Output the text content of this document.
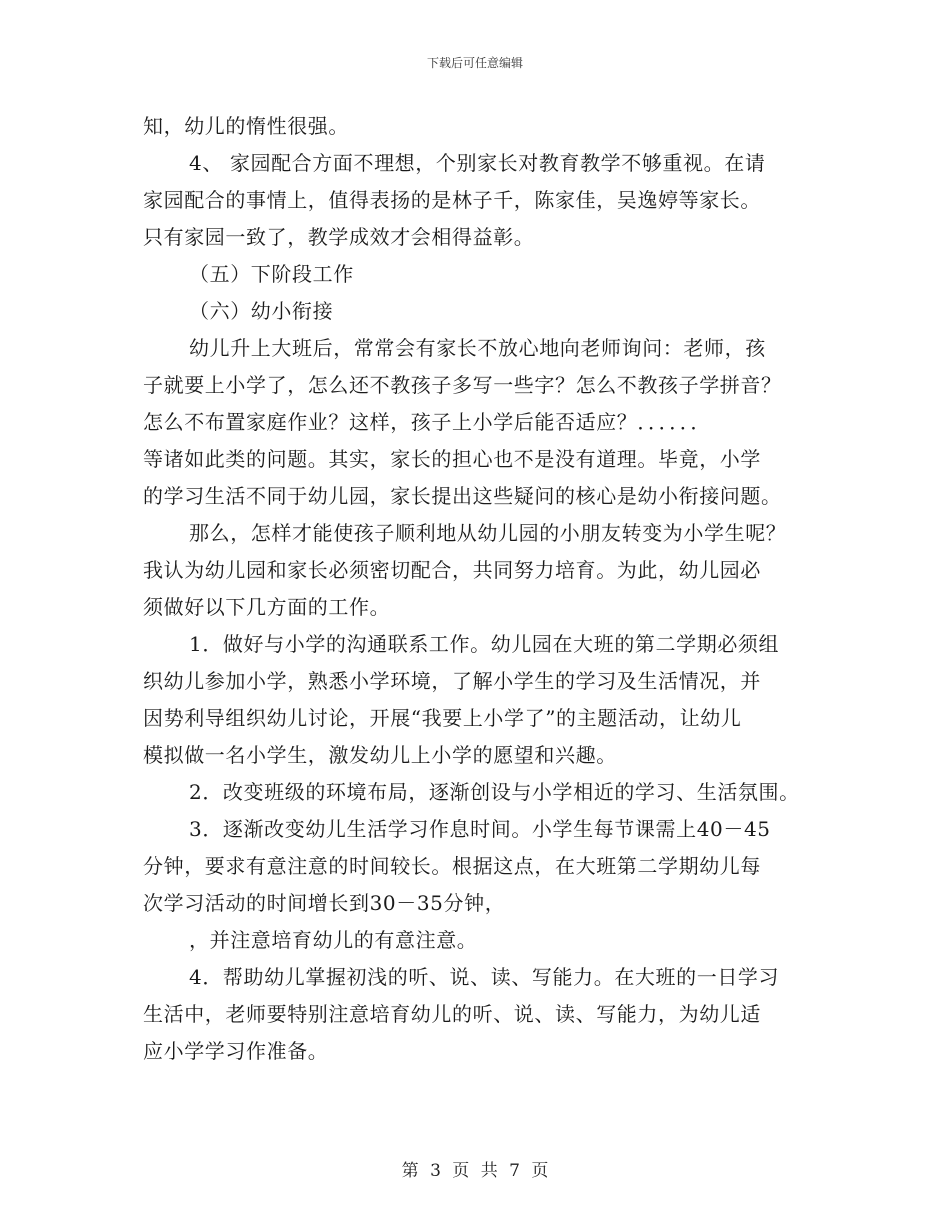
下载后可任意编辑
知，幼儿的惰性很强。
4、 家园配合方面不理想，个别家长对教育教学不够重视。在请
家园配合的事情上，值得表扬的是林子千，陈家佳，吴逸婷等家长。
只有家园一致了，教学成效才会相得益彰。
（五）下阶段工作
（六）幼小衔接
幼儿升上大班后，常常会有家长不放心地向老师询问：老师，孩
子就要上小学了，怎么还不教孩子多写一些字？怎么不教孩子学拼音？
怎么不布置家庭作业？这样，孩子上小学后能否适应？．．．．．．
等诸如此类的问题。其实，家长的担心也不是没有道理。毕竟，小学
的学习生活不同于幼儿园，家长提出这些疑问的核心是幼小衔接问题。
那么，怎样才能使孩子顺利地从幼儿园的小朋友转变为小学生呢？
我认为幼儿园和家长必须密切配合，共同努力培育。为此，幼儿园必
须做好以下几方面的工作。
1．做好与小学的沟通联系工作。幼儿园在大班的第二学期必须组
织幼儿参加小学，熟悉小学环境，了解小学生的学习及生活情况，并
因势利导组织幼儿讨论，开展“我要上小学了”的主题活动，让幼儿
模拟做一名小学生，激发幼儿上小学的愿望和兴趣。
2．改变班级的环境布局，逐渐创设与小学相近的学习、生活氛围。
3．逐渐改变幼儿生活学习作息时间。小学生每节课需上40－45
分钟，要求有意注意的时间较长。根据这点，在大班第二学期幼儿每
次学习活动的时间增长到30－35分钟，
，并注意培育幼儿的有意注意。
4．帮助幼儿掌握初浅的听、说、读、写能力。在大班的一日学习
生活中，老师要特别注意培育幼儿的听、说、读、写能力，为幼儿适
应小学学习作准备。
第 3 页 共 7 页
